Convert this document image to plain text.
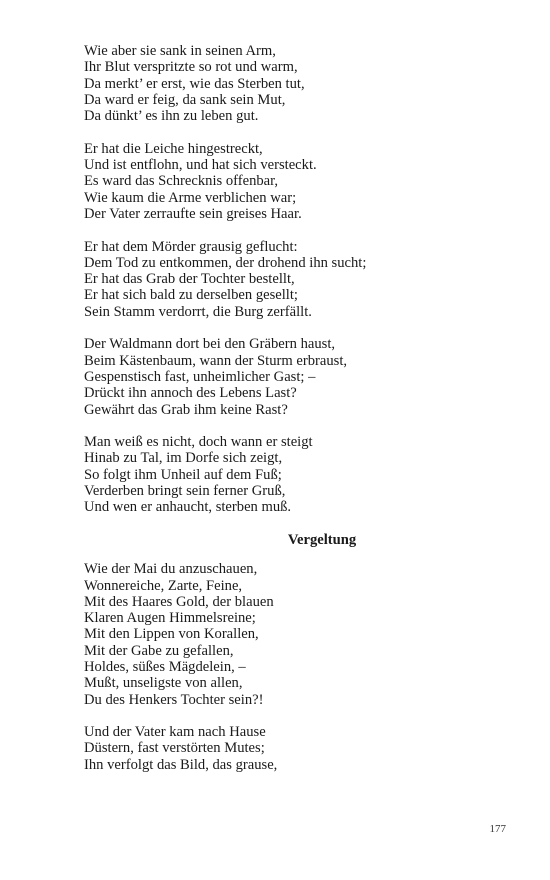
Wie aber sie sank in seinen Arm,
Ihr Blut verspritzte so rot und warm,
Da merkt’ er erst, wie das Sterben tut,
Da ward er feig, da sank sein Mut,
Da dünkt’ es ihn zu leben gut.
Er hat die Leiche hingestreckt,
Und ist entflohn, und hat sich versteckt.
Es ward das Schrecknis offenbar,
Wie kaum die Arme verblichen war;
Der Vater zerraufte sein greises Haar.
Er hat dem Mörder grausig geflucht:
Dem Tod zu entkommen, der drohend ihn sucht;
Er hat das Grab der Tochter bestellt,
Er hat sich bald zu derselben gesellt;
Sein Stamm verdorrt, die Burg zerfällt.
Der Waldmann dort bei den Gräbern haust,
Beim Kästenbaum, wann der Sturm erbraust,
Gespenstisch fast, unheimlicher Gast; –
Drückt ihn annoch des Lebens Last?
Gewährt das Grab ihm keine Rast?
Man weiß es nicht, doch wann er steigt
Hinab zu Tal, im Dorfe sich zeigt,
So folgt ihm Unheil auf dem Fuß;
Verderben bringt sein ferner Gruß,
Und wen er anhaucht, sterben muß.
Vergeltung
Wie der Mai du anzuschauen,
Wonnereiche, Zarte, Feine,
Mit des Haares Gold, der blauen
Klaren Augen Himmelsreine;
Mit den Lippen von Korallen,
Mit der Gabe zu gefallen,
Holdes, süßes Mägdelein, –
Mußt, unseligste von allen,
Du des Henkers Tochter sein?!
Und der Vater kam nach Hause
Düstern, fast verstörten Mutes;
Ihn verfolgt das Bild, das grause,
177
